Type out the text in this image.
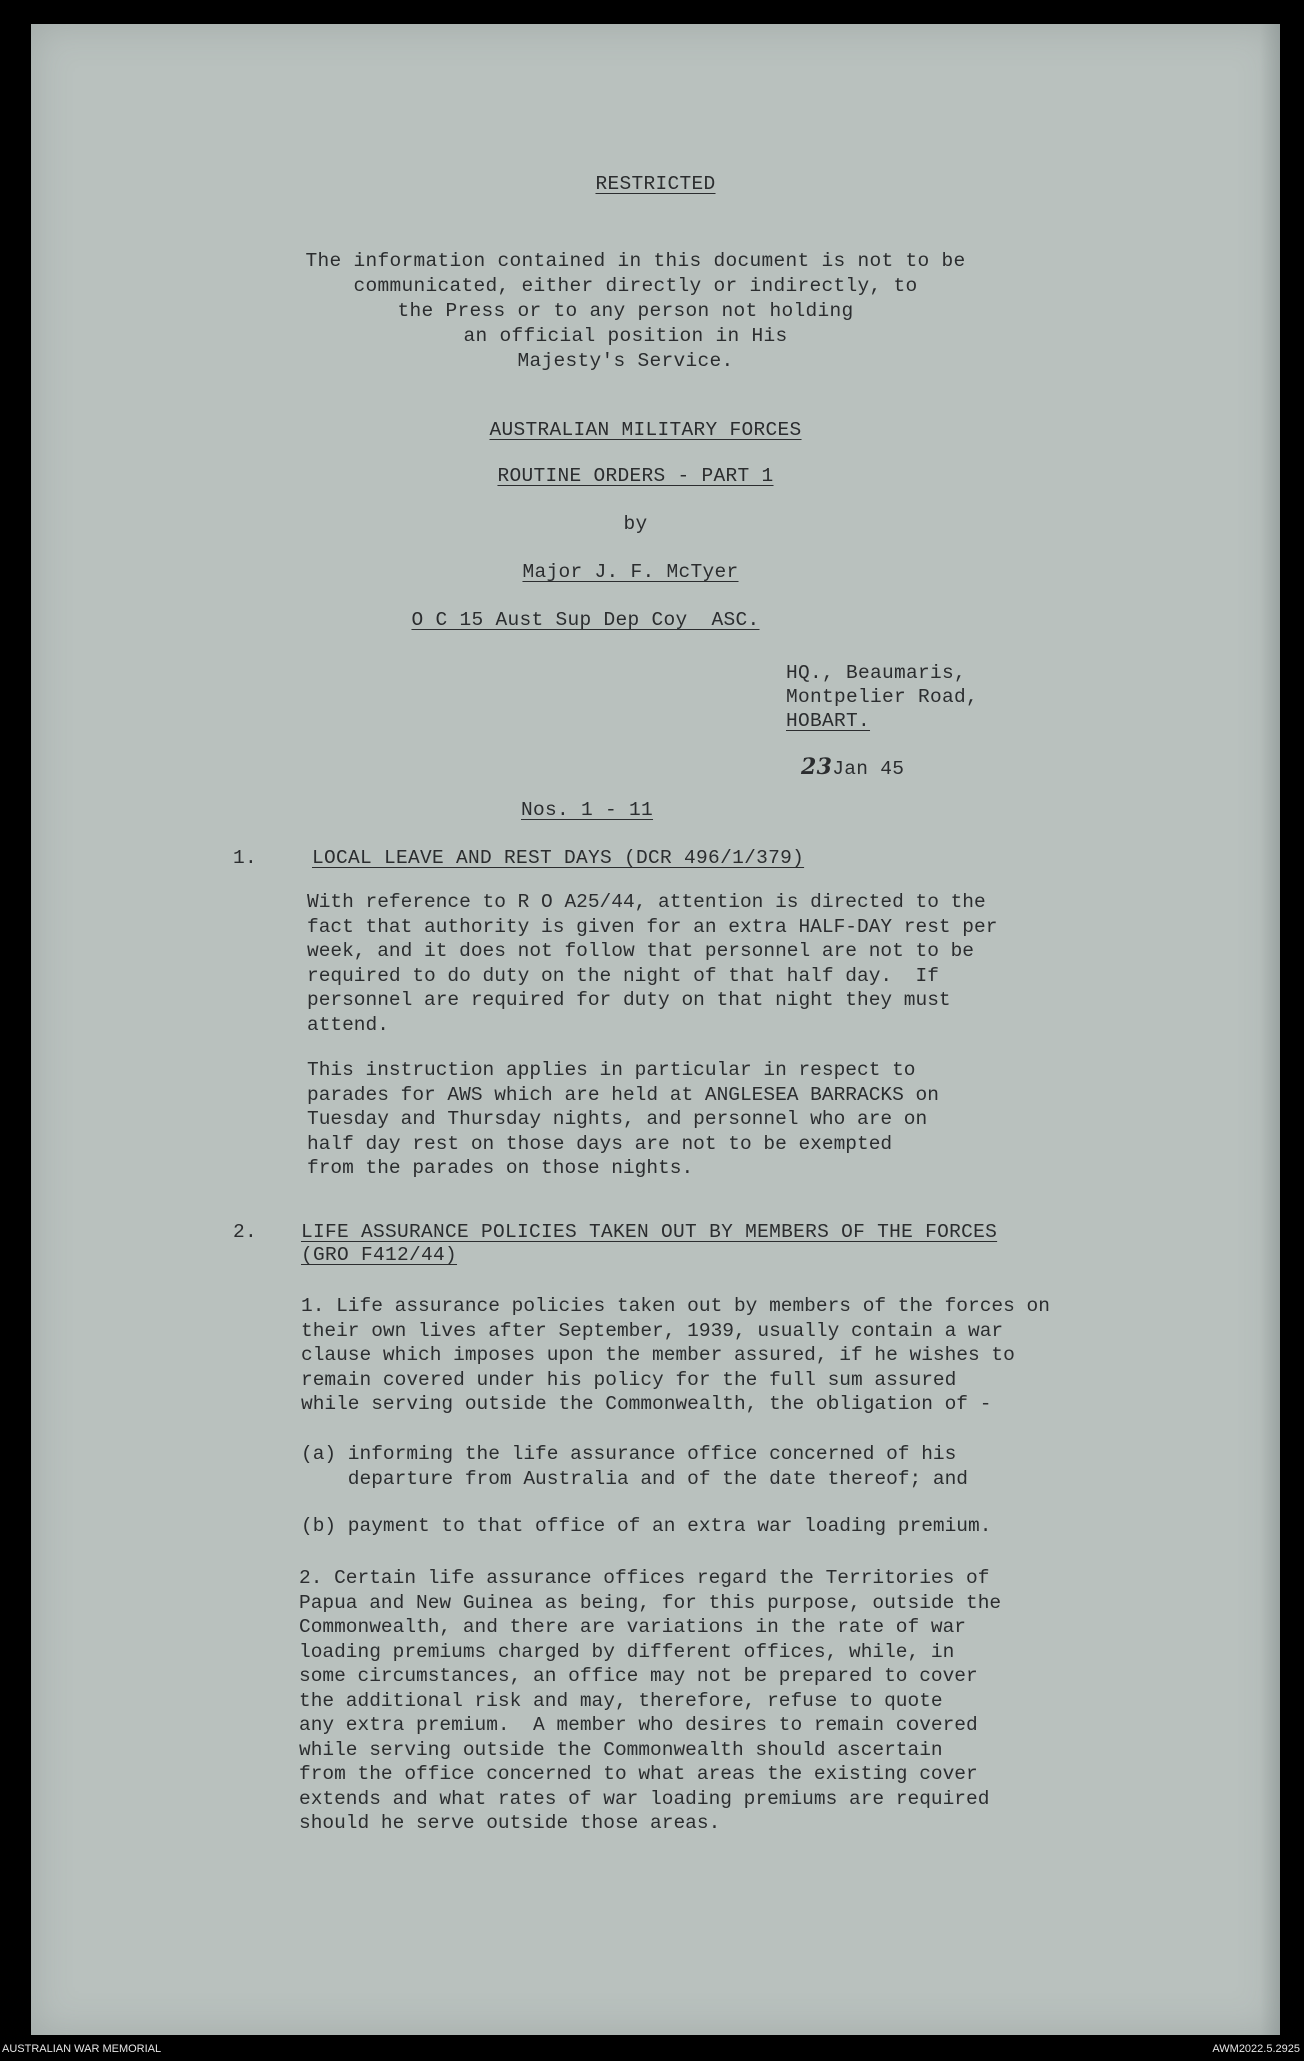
RESTRICTED
The information contained in this document is not to be
communicated, either directly or indirectly, to
the Press or to any person not holding
an official position in His
Majesty's Service.
AUSTRALIAN MILITARY FORCES
ROUTINE ORDERS - PART 1
by
Major J. F. McTyer
O C 15 Aust Sup Dep Coy  ASC.
HQ., Beaumaris,
Montpelier Road,
HOBART.
23Jan 45
Nos. 1 - 11
1.	LOCAL LEAVE AND REST DAYS (DCR 496/1/379)
With reference to R O A25/44, attention is directed to the
fact that authority is given for an extra HALF-DAY rest per
week, and it does not follow that personnel are not to be
required to do duty on the night of that half day.  If
personnel are required for duty on that night they must
attend.
This instruction applies in particular in respect to
parades for AWS which are held at ANGLESEA BARRACKS on
Tuesday and Thursday nights, and personnel who are on
half day rest on those days are not to be exempted
from the parades on those nights.
2. LIFE ASSURANCE POLICIES TAKEN OUT BY MEMBERS OF THE FORCES
(GRO F412/44)
1. Life assurance policies taken out by members of the forces on
their own lives after September, 1939, usually contain a war
clause which imposes upon the member assured, if he wishes to
remain covered under his policy for the full sum assured
while serving outside the Commonwealth, the obligation of -
(a) informing the life assurance office concerned of his
departure from Australia and of the date thereof; and
(b) payment to that office of an extra war loading premium.
2. Certain life assurance offices regard the Territories of
Papua and New Guinea as being, for this purpose, outside the
Commonwealth, and there are variations in the rate of war
loading premiums charged by different offices, while, in
some circumstances, an office may not be prepared to cover
the additional risk and may, therefore, refuse to quote
any extra premium.  A member who desires to remain covered
while serving outside the Commonwealth should ascertain
from the office concerned to what areas the existing cover
extends and what rates of war loading premiums are required
should he serve outside those areas.
AUSTRALIAN WAR MEMORIAL	AWM2022.5.2925
